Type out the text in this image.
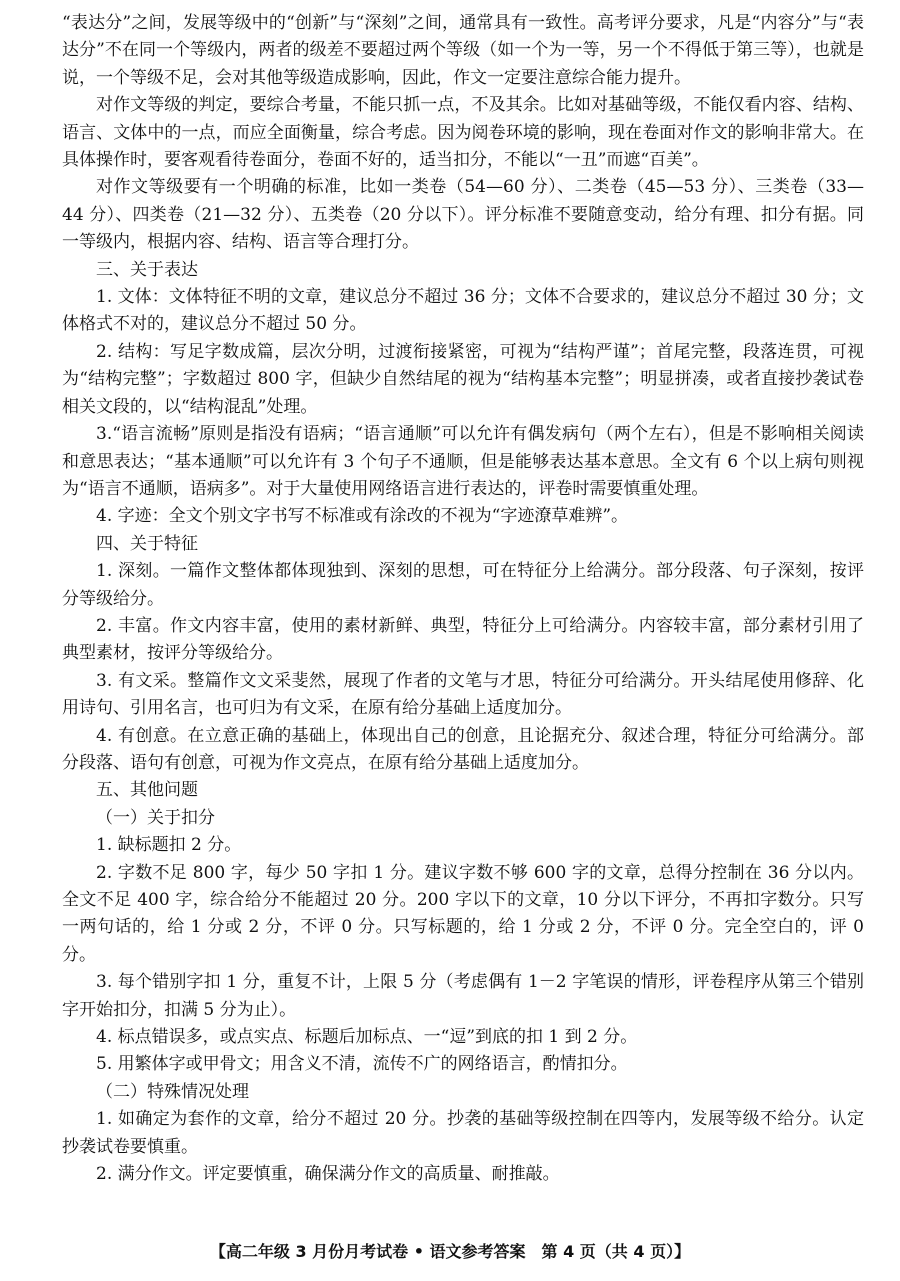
“表达分”之间，发展等级中的“创新”与“深刻”之间，通常具有一致性。高考评分要求，凡是“内容分”与“表达分”不在同一个等级内，两者的级差不要超过两个等级（如一个为一等，另一个不得低于第三等），也就是说，一个等级不足，会对其他等级造成影响，因此，作文一定要注意综合能力提升。

对作文等级的判定，要综合考量，不能只抓一点，不及其余。比如对基础等级，不能仅看内容、结构、语言、文体中的一点，而应全面衡量，综合考虑。因为阅卷环境的影响，现在卷面对作文的影响非常大。在具体操作时，要客观看待卷面分，卷面不好的，适当扣分，不能以“一丑”而遮“百美”。

对作文等级要有一个明确的标准，比如一类卷（54—60 分）、二类卷（45—53 分）、三类卷（33—44 分）、四类卷（21—32 分）、五类卷（20 分以下）。评分标准不要随意变动，给分有理、扣分有据。同一等级内，根据内容、结构、语言等合理打分。

三、关于表达

1. 文体：文体特征不明的文章，建议总分不超过 36 分；文体不合要求的，建议总分不超过 30 分；文体格式不对的，建议总分不超过 50 分。

2. 结构：写足字数成篇，层次分明，过渡衔接紧密，可视为“结构严谨”；首尾完整，段落连贯，可视为“结构完整”；字数超过 800 字，但缺少自然结尾的视为“结构基本完整”；明显拼凑，或者直接抄袭试卷相关文段的，以“结构混乱”处理。

3.“语言流畅”原则是指没有语病；“语言通顺”可以允许有偶发病句（两个左右），但是不影响相关阅读和意思表达；“基本通顺”可以允许有 3 个句子不通顺，但是能够表达基本意思。全文有 6 个以上病句则视为“语言不通顺，语病多”。对于大量使用网络语言进行表达的，评卷时需要慎重处理。

4. 字迹：全文个别文字书写不标准或有涂改的不视为“字迹潦草难辨”。

四、关于特征

1. 深刻。一篇作文整体都体现独到、深刻的思想，可在特征分上给满分。部分段落、句子深刻，按评分等级给分。

2. 丰富。作文内容丰富，使用的素材新鲜、典型，特征分上可给满分。内容较丰富，部分素材引用了典型素材，按评分等级给分。

3. 有文采。整篇作文文采斐然，展现了作者的文笔与才思，特征分可给满分。开头结尾使用修辞、化用诗句、引用名言，也可归为有文采，在原有给分基础上适度加分。

4. 有创意。在立意正确的基础上，体现出自己的创意，且论据充分、叙述合理，特征分可给满分。部分段落、语句有创意，可视为作文亮点，在原有给分基础上适度加分。

五、其他问题

（一）关于扣分

1. 缺标题扣 2 分。

2. 字数不足 800 字，每少 50 字扣 1 分。建议字数不够 600 字的文章，总得分控制在 36 分以内。全文不足 400 字，综合给分不能超过 20 分。200 字以下的文章，10 分以下评分，不再扣字数分。只写一两句话的，给 1 分或 2 分，不评 0 分。只写标题的，给 1 分或 2 分，不评 0 分。完全空白的，评 0 分。

3. 每个错别字扣 1 分，重复不计，上限 5 分（考虑偶有 1－2 字笔误的情形，评卷程序从第三个错别字开始扣分，扣满 5 分为止）。

4. 标点错误多，或点实点、标题后加标点、一“逗”到底的扣 1 到 2 分。

5. 用繁体字或甲骨文；用含义不清，流传不广的网络语言，酌情扣分。

（二）特殊情况处理

1. 如确定为套作的文章，给分不超过 20 分。抄袭的基础等级控制在四等内，发展等级不给分。认定抄袭试卷要慎重。

2. 满分作文。评定要慎重，确保满分作文的高质量、耐推敲。

【高二年级 3 月份月考试卷 • 语文参考答案　第 4 页（共 4 页）】
